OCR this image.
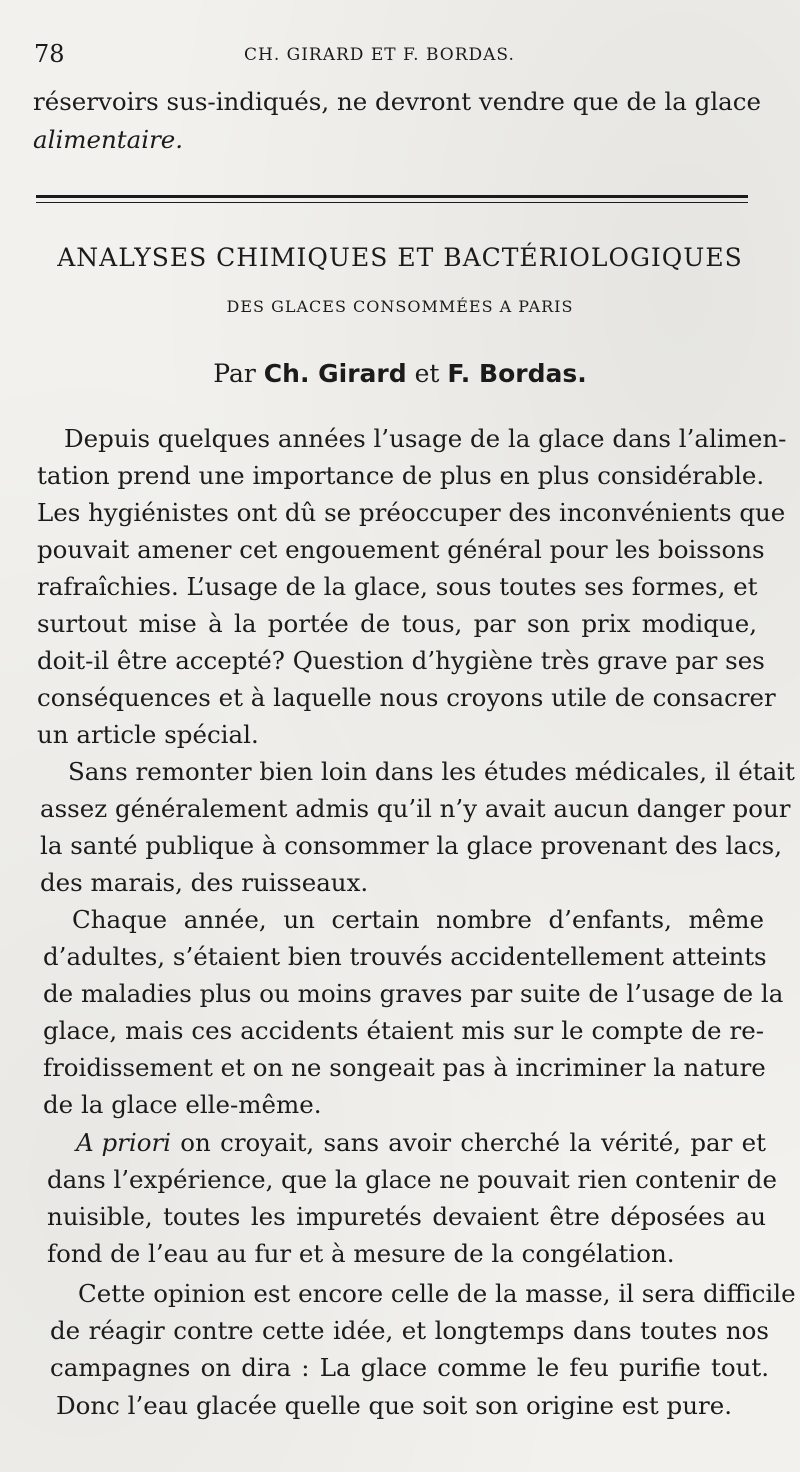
78	CH. GIRARD ET F. BORDAS.
réservoirs sus-indiqués, ne devront vendre que de la glace
alimentaire.
ANALYSES CHIMIQUES ET BACTÉRIOLOGIQUES
DES GLACES CONSOMMÉES A PARIS
Par Ch. Girard et F. Bordas.
Depuis quelques années l’usage de la glace dans l’alimen-
tation prend une importance de plus en plus considérable.
Les hygiénistes ont dû se préoccuper des inconvénients que
pouvait amener cet engouement général pour les boissons
rafraîchies. L’usage de la glace, sous toutes ses formes, et
surtout mise à la portée de tous, par son prix modique,
doit-il être accepté? Question d’hygiène très grave par ses
conséquences et à laquelle nous croyons utile de consacrer
un article spécial.
Sans remonter bien loin dans les études médicales, il était
assez généralement admis qu’il n’y avait aucun danger pour
la santé publique à consommer la glace provenant des lacs,
des marais, des ruisseaux.
Chaque année, un certain nombre d’enfants, même
d’adultes, s’étaient bien trouvés accidentellement atteints
de maladies plus ou moins graves par suite de l’usage de la
glace, mais ces accidents étaient mis sur le compte de re-
froidissement et on ne songeait pas à incriminer la nature
de la glace elle-même.
A priori on croyait, sans avoir cherché la vérité, par et
dans l’expérience, que la glace ne pouvait rien contenir de
nuisible, toutes les impuretés devaient être déposées au
fond de l’eau au fur et à mesure de la congélation.
Cette opinion est encore celle de la masse, il sera difficile
de réagir contre cette idée, et longtemps dans toutes nos
campagnes on dira : La glace comme le feu purifie tout.
Donc l’eau glacée quelle que soit son origine est pure.
